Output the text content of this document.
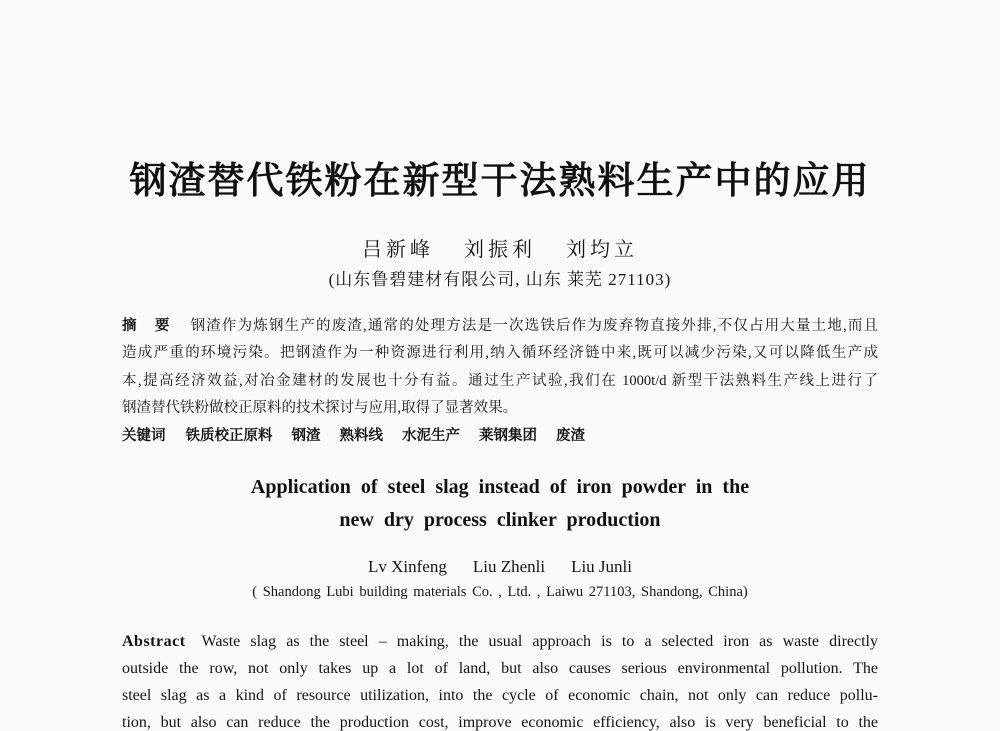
钢渣替代铁粉在新型干法熟料生产中的应用
吕新峰 刘振利 刘均立
(山东鲁碧建材有限公司, 山东 莱芜 271103)
摘 要 钢渣作为炼钢生产的废渣,通常的处理方法是一次选铁后作为废弃物直接外排,不仅占用大量土地,而且
造成严重的环境污染。把钢渣作为一种资源进行利用,纳入循环经济链中来,既可以减少污染,又可以降低生产成
本,提高经济效益,对冶金建材的发展也十分有益。通过生产试验,我们在 1000t/d 新型干法熟料生产线上进行了
钢渣替代铁粉做校正原料的技术探讨与应用,取得了显著效果。
关键词 铁质校正原料 钢渣 熟料线 水泥生产 莱钢集团 废渣
Application of steel slag instead of iron powder in the
new dry process clinker production
Lv Xinfeng Liu Zhenli Liu Junli
( Shandong Lubi building materials Co. , Ltd. , Laiwu 271103, Shandong, China)
Abstract Waste slag as the steel – making, the usual approach is to a selected iron as waste directly
outside the row, not only takes up a lot of land, but also causes serious environmental pollution. The
steel slag as a kind of resource utilization, into the cycle of economic chain, not only can reduce pollu-
tion, but also can reduce the production cost, improve economic efficiency, also is very beneficial to the
